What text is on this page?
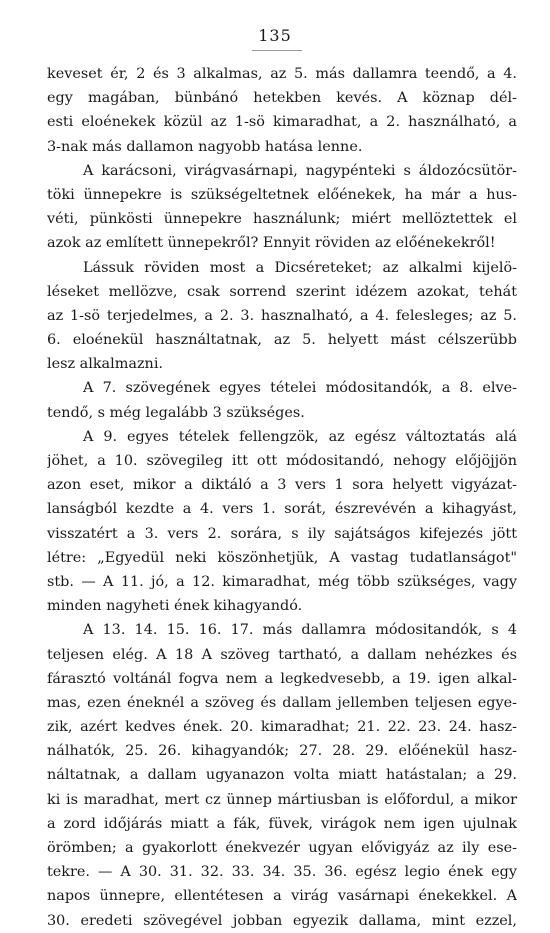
135
keveset ér, 2 és 3 alkalmas, az 5. más dallamra teendő, a 4.
egy magában, bünbánó hetekben kevés. A köznap dél-
esti eloénekek közül az 1-sö kimaradhat, a 2. használható, a
3-nak más dallamon nagyobb hatása lenne.
A karácsoni, virágvasárnapi, nagypénteki s áldozócsütör-
töki ünnepekre is szükségeltetnek előénekek, ha már a hus-
véti, pünkösti ünnepekre használunk; miért mellöztettek el
azok az említett ünnepekről? Ennyit röviden az előénekekről!
Lássuk röviden most a Dicséreteket; az alkalmi kijelö-
léseket mellözve, csak sorrend szerint idézem azokat, tehát
az 1-sö terjedelmes, a 2. 3. hasznalható, a 4. felesleges; az 5.
6. eloénekül használtatnak, az 5. helyett mást célszerübb
lesz alkalmazni.
A 7. szövegének egyes tételei módositandók, a 8. elve-
tendő, s még legalább 3 szükséges.
A 9. egyes tételek fellengzök, az egész változtatás alá
jöhet, a 10. szövegileg itt ott módositandó, nehogy előjöjjön
azon eset, mikor a diktáló a 3 vers 1 sora helyett vigyázat-
lanságból kezdte a 4. vers 1. sorát, észrevévén a kihagyást,
visszatért a 3. vers 2. sorára, s ily sajátságos kifejezés jött
létre: „Egyedül neki köszönhetjük, A vastag tudatlanságot"
stb. — A 11. jó, a 12. kimaradhat, még több szükséges, vagy
minden nagyheti ének kihagyandó.
A 13. 14. 15. 16. 17. más dallamra módositandók, s 4
teljesen elég. A 18 A szöveg tartható, a dallam nehézkes és
fárasztó voltánál fogva nem a legkedvesebb, a 19. igen alkal-
mas, ezen éneknél a szöveg és dallam jellemben teljesen egye-
zik, azért kedves ének. 20. kimaradhat; 21. 22. 23. 24. hasz-
nálhatók, 25. 26. kihagyandók; 27. 28. 29. előénekül hasz-
náltatnak, a dallam ugyanazon volta miatt hatástalan; a 29.
ki is maradhat, mert cz ünnep mártiusban is előfordul, a mikor
a zord időjárás miatt a fák, füvek, virágok nem igen ujulnak
örömben; a gyakorlott énekvezér ugyan elővigyáz az ily ese-
tekre. — A 30. 31. 32. 33. 34. 35. 36. egész legio ének egy
napos ünnepre, ellentétesen a virág vasárnapi énekekkel. A
30. eredeti szövegével jobban egyezik dallama, mint ezzel,
